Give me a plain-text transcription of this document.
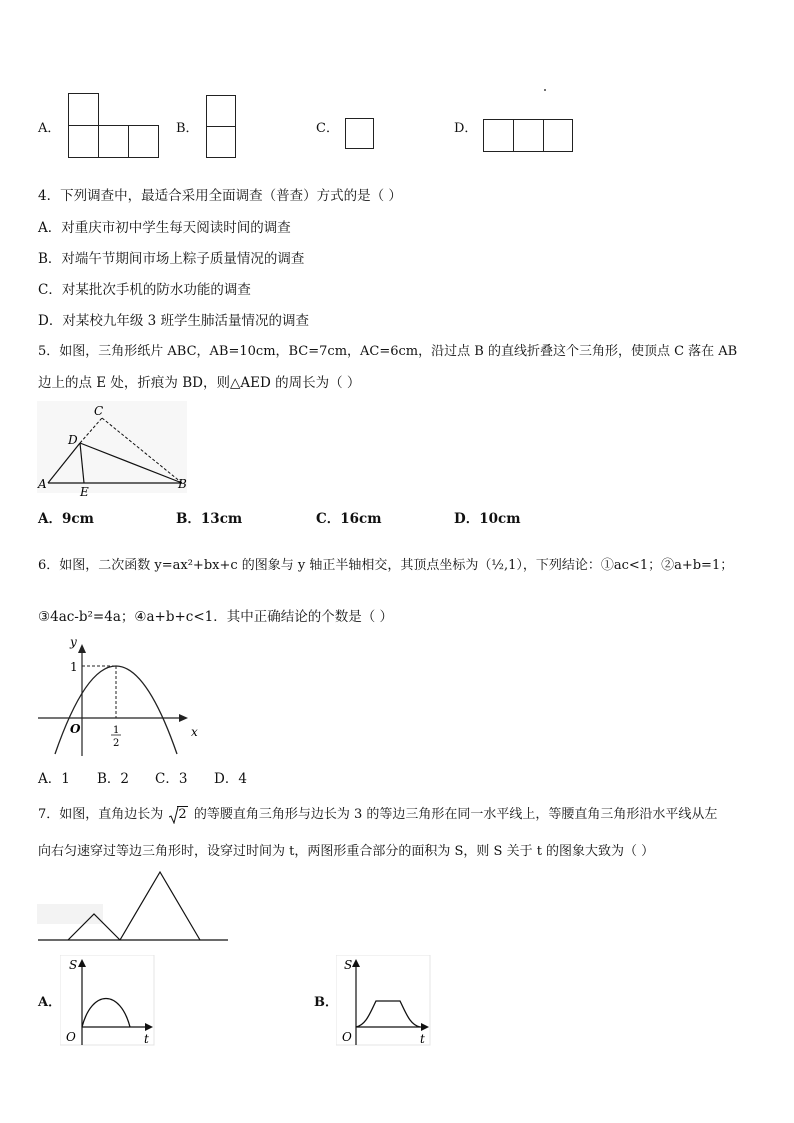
A．	B．	C．	D．
4．下列调查中，最适合采用全面调查（普查）方式的是（ ）
A．对重庆市初中学生每天阅读时间的调查
B．对端午节期间市场上粽子质量情况的调查
C．对某批次手机的防水功能的调查
D．对某校九年级 3 班学生肺活量情况的调查
5．如图，三角形纸片 ABC，AB=10cm，BC=7cm，AC=6cm，沿过点 B 的直线折叠这个三角形，使顶点 C 落在 AB
边上的点 E 处，折痕为 BD，则△AED 的周长为（ ）
A	B
C
D
E
A．9cm	B．13cm	C．16cm	D．10cm
6．如图，二次函数 y=ax²+bx+c 的图象与 y 轴正半轴相交，其顶点坐标为（½,1），下列结论：①ac<1；②a+b=1；
③4ac-b²=4a；④a+b+c<1．其中正确结论的个数是（ ）
y
x
O
1
1
2
A．1 B．2 C．3 D．4
7．如图，直角边长为 2 的等腰直角三角形与边长为 3 的等边三角形在同一水平线上，等腰直角三角形沿水平线从左
向右匀速穿过等边三角形时，设穿过时间为 t，两图形重合部分的面积为 S，则 S 关于 t 的图象大致为（ ）
A．
S
O	t
B．
S
O	t
